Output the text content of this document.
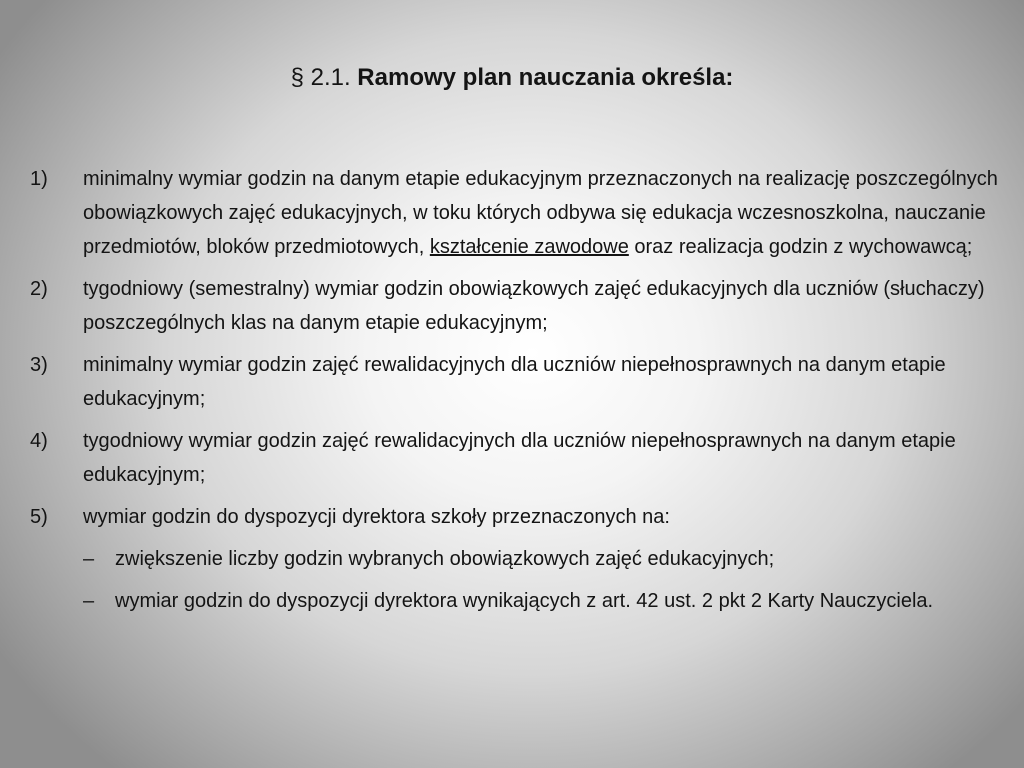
§ 2.1. Ramowy plan nauczania określa:
1) minimalny wymiar godzin na danym etapie edukacyjnym przeznaczonych na realizację poszczególnych obowiązkowych zajęć edukacyjnych, w toku których odbywa się edukacja wczesnoszkolna, nauczanie przedmiotów, bloków przedmiotowych, kształcenie zawodowe oraz realizacja godzin z wychowawcą;
2) tygodniowy (semestralny) wymiar godzin obowiązkowych zajęć edukacyjnych dla uczniów (słuchaczy) poszczególnych klas na danym etapie edukacyjnym;
3) minimalny wymiar godzin zajęć rewalidacyjnych dla uczniów niepełnosprawnych na danym etapie edukacyjnym;
4) tygodniowy wymiar godzin zajęć rewalidacyjnych dla uczniów niepełnosprawnych na danym etapie edukacyjnym;
5) wymiar godzin do dyspozycji dyrektora szkoły przeznaczonych na:
– zwiększenie liczby godzin wybranych obowiązkowych zajęć edukacyjnych;
– wymiar godzin do dyspozycji dyrektora wynikających z art. 42 ust. 2 pkt 2 Karty Nauczyciela.
